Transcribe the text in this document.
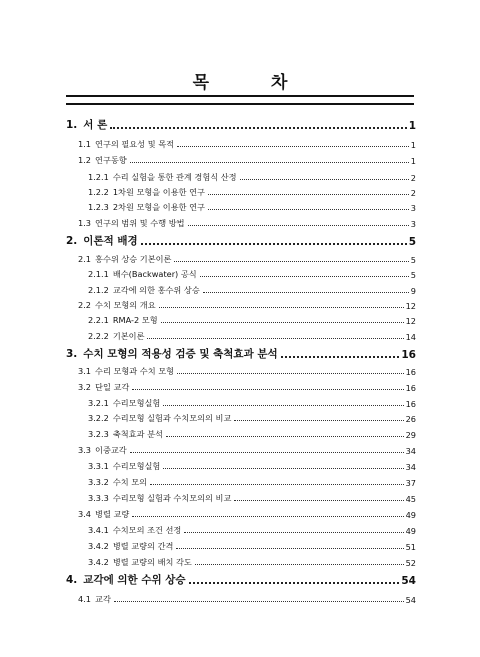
목 차
1. 서 론	1
1.1 연구의 필요성 및 목적	1
1.2 연구동향	1
1.2.1 수리 실험을 통한 관계 경험식 산정	2
1.2.2 1차원 모형을 이용한 연구	2
1.2.3 2차원 모형을 이용한 연구	3
1.3 연구의 범위 및 수행 방법	3
2. 이론적 배경	5
2.1 홍수위 상승 기본이론	5
2.1.1 배수(Backwater) 공식	5
2.1.2 교각에 의한 홍수위 상승	9
2.2 수치 모형의 개요	12
2.2.1 RMA-2 모형	12
2.2.2 기본이론	14
3. 수치 모형의 적용성 검증 및 축척효과 분석	16
3.1 수리 모형과 수치 모형	16
3.2 단일 교각	16
3.2.1 수리모형실험	16
3.2.2 수리모형 실험과 수치모의의 비교	26
3.2.3 축척효과 분석	29
3.3 이중교각	34
3.3.1 수리모형실험	34
3.3.2 수치 모의	37
3.3.3 수리모형 실험과 수치모의의 비교	45
3.4 병렬 교량	49
3.4.1 수치모의 조건 선정	49
3.4.2 병렬 교량의 간격	51
3.4.2 병렬 교량의 배치 각도	52
4. 교각에 의한 수위 상승	54
4.1 교각	54
